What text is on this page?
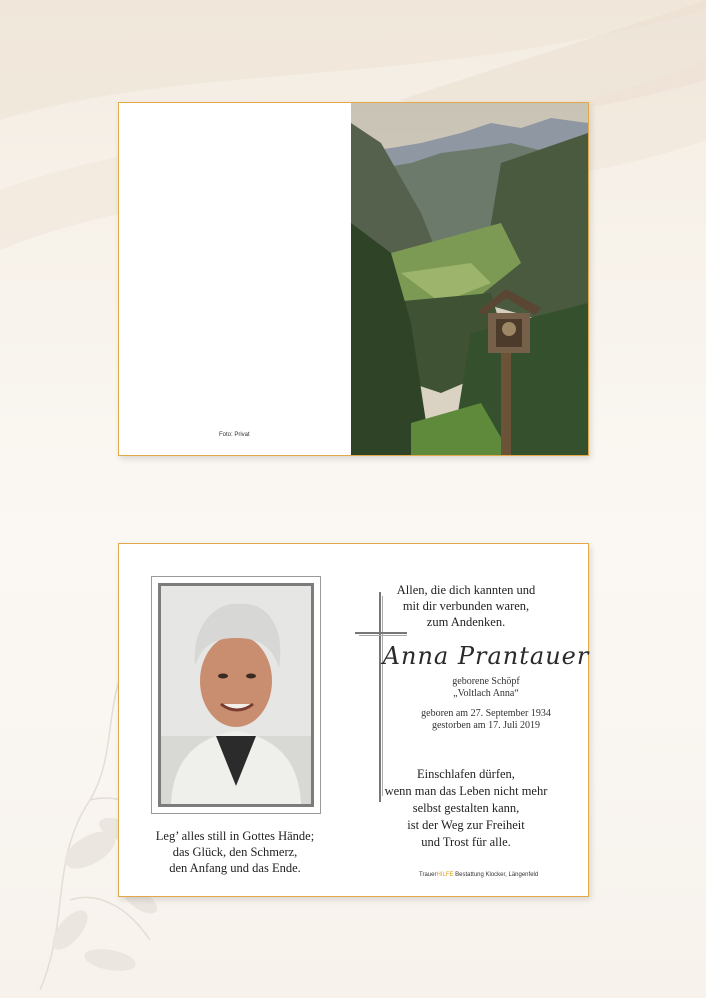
Foto: Privat
Leg’ alles still in Gottes Hände;
das Glück, den Schmerz,
den Anfang und das Ende.
Allen, die dich kannten und
mit dir verbunden waren,
zum Andenken.
Anna Prantauer
geborene Schöpf
„Voltlach Anna“
geboren am 27. September 1934
gestorben am 17. Juli 2019
Einschlafen dürfen,
wenn man das Leben nicht mehr
selbst gestalten kann,
ist der Weg zur Freiheit
und Trost für alle.
TrauerHILFE Bestattung Klocker, Längenfeld
